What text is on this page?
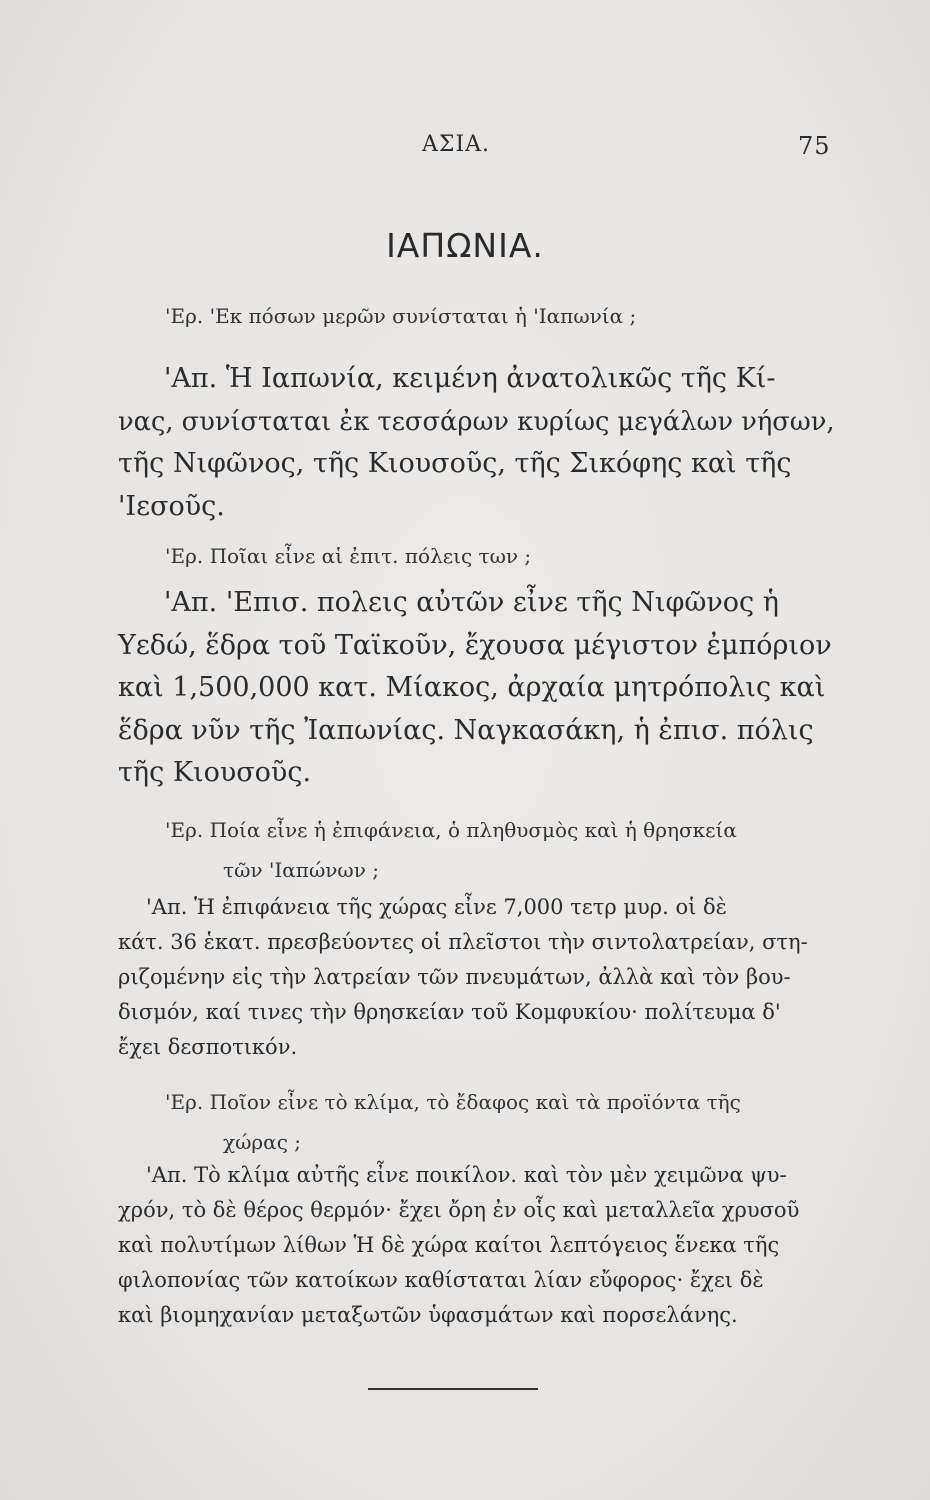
ΑΣΙΑ.	75
ΙΑΠΩΝΙΑ.
'Ερ. 'Εκ πόσων μερῶν συνίσταται ἡ 'Ιαπωνία ;
'Απ. Ἡ Ιαπωνία, κειμένη ἀνατολικῶς τῆς Κί-
νας, συνίσταται ἐκ τεσσάρων κυρίως μεγάλων νήσων,
τῆς Νιφῶνος, τῆς Κιουσοῦς, τῆς Σικόφης καὶ τῆς
'Ιεσοῦς.
'Ερ. Ποῖαι εἶνε αἱ ἐπιτ. πόλεις των ;
'Απ. 'Επισ. πολεις αὐτῶν εἶνε τῆς Νιφῶνος ἡ
Υεδώ, ἕδρα τοῦ Ταϊκοῦν, ἔχουσα μέγιστον ἐμπόριον
καὶ 1,500,000 κατ. Μίακος, ἀρχαία μητρόπολις καὶ
ἕδρα νῦν τῆς Ἰαπωνίας. Ναγκασάκη, ἡ ἐπισ. πόλις
τῆς Κιουσοῦς.
'Ερ. Ποία εἶνε ἡ ἐπιφάνεια, ὁ πληθυσμὸς καὶ ἡ θρησκεία
τῶν 'Ιαπώνων ;
'Απ. Ἡ ἐπιφάνεια τῆς χώρας εἶνε 7,000 τετρ μυρ. οἱ δὲ
κάτ. 36 ἑκατ. πρεσβεύοντες οἱ πλεῖστοι τὴν σιντολατρείαν, στη-
ριζομένην εἰς τὴν λατρείαν τῶν πνευμάτων, ἀλλὰ καὶ τὸν βου-
δισμόν, καί τινες τὴν θρησκείαν τοῦ Κομφυκίου· πολίτευμα δ'
ἔχει δεσποτικόν.
'Ερ. Ποῖον εἶνε τὸ κλίμα, τὸ ἔδαφος καὶ τὰ προϊόντα τῆς
χώρας ;
'Απ. Τὸ κλίμα αὐτῆς εἶνε ποικίλον. καὶ τὸν μὲν χειμῶνα ψυ-
χρόν, τὸ δὲ θέρος θερμόν· ἔχει ὄρη ἐν οἷς καὶ μεταλλεῖα χρυσοῦ
καὶ πολυτίμων λίθων Ἡ δὲ χώρα καίτοι λεπτόγειος ἕνεκα τῆς
φιλοπονίας τῶν κατοίκων καθίσταται λίαν εὔφορος· ἔχει δὲ
καὶ βιομηχανίαν μεταξωτῶν ὑφασμάτων καὶ πορσελάνης.
